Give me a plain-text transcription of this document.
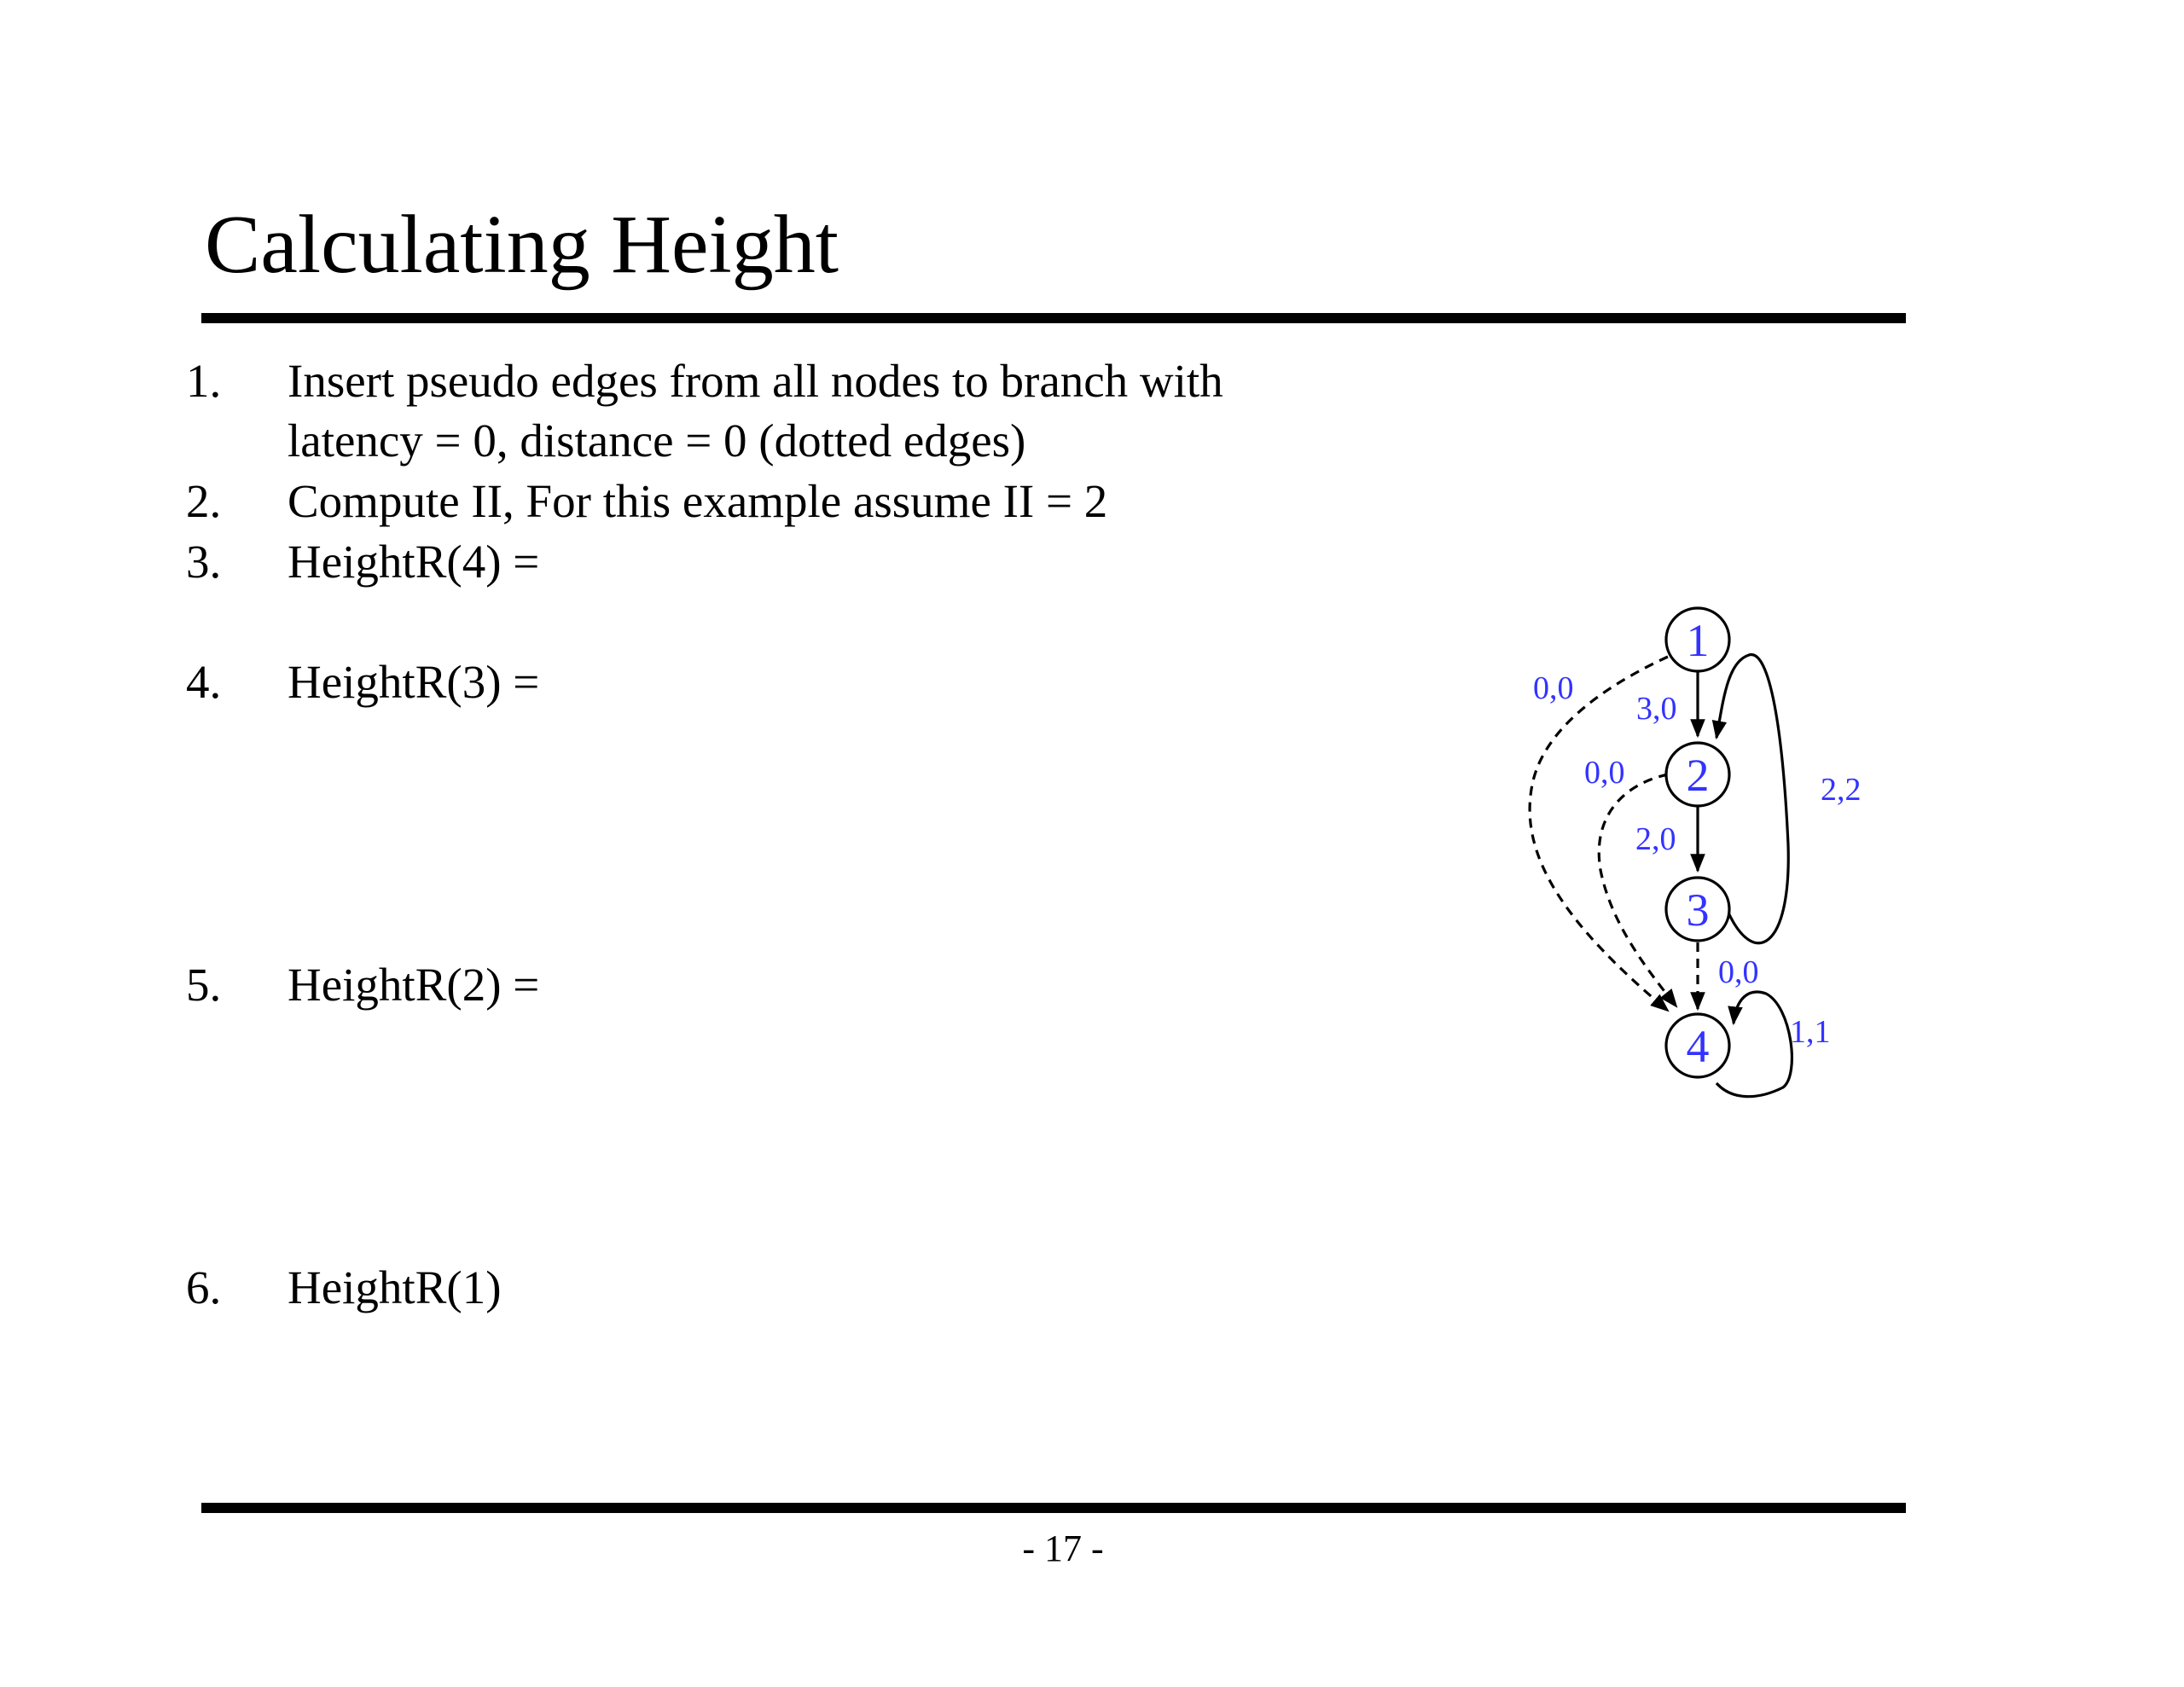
Calculating Height
1. Insert pseudo edges from all nodes to branch with
latency = 0, distance = 0 (dotted edges)
2. Compute II, For this example assume II = 2
3. HeightR(4) =
4. HeightR(3) =
5. HeightR(2) =
6. HeightR(1)
1
2
3
4
3,0
2,0
2,2
1,1
0,0
0,0
0,0
- 17 -
